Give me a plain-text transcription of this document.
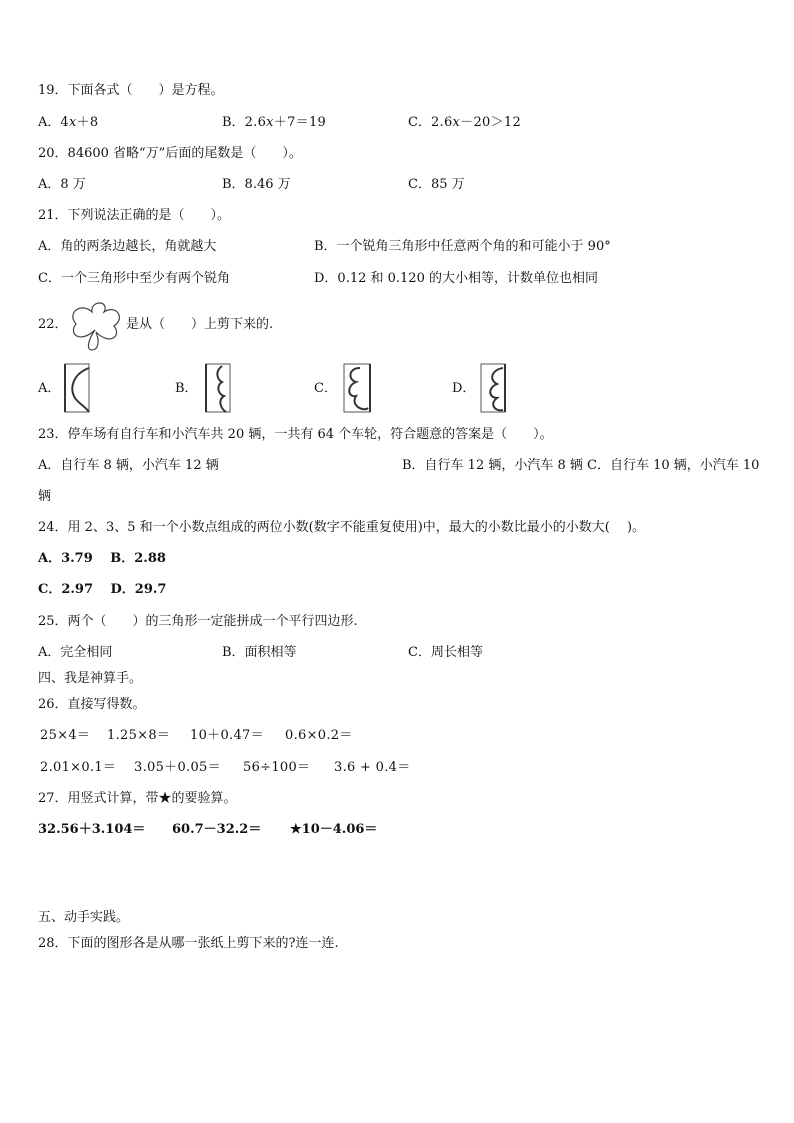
19．下面各式（　　）是方程。
A．4x＋8	B．2.6x＋7＝19	C．2.6x－20＞12
20．84600 省略“万”后面的尾数是（　　）。
A．8 万	B．8.46 万	C．85 万
21．下列说法正确的是（　　）。
A．角的两条边越长，角就越大	B．一个锐角三角形中任意两个角的和可能小于 90°
C．一个三角形中至少有两个锐角	D．0.12 和 0.120 的大小相等，计数单位也相同
22．	是从（　　）上剪下来的.
A．	B．	C．	D．
23．停车场有自行车和小汽车共 20 辆，一共有 64 个车轮，符合题意的答案是（　　）。
A．自行车 8 辆，小汽车 12 辆	B．自行车 12 辆，小汽车 8 辆 C．自行车 10 辆，小汽车 10
辆
24．用 2、3、5 和一个小数点组成的两位小数(数字不能重复使用)中，最大的小数比最小的小数大(　 )。
A．3.79　 B．2.88
C．2.97　 D．29.7
25．两个（　　）的三角形一定能拼成一个平行四边形.
A．完全相同	B．面积相等	C．周长相等
四、我是神算手。
26．直接写得数。
25×4＝ 1.25×8＝ 10＋0.47＝ 0.6×0.2＝
2.01×0.1＝ 3.05＋0.05＝ 56÷100＝ 3.6 + 0.4＝
27．用竖式计算，带★的要验算。
32.56＋3.104＝ 60.7－32.2＝ ★10－4.06＝
五、动手实践。
28．下面的图形各是从哪一张纸上剪下来的?连一连.
